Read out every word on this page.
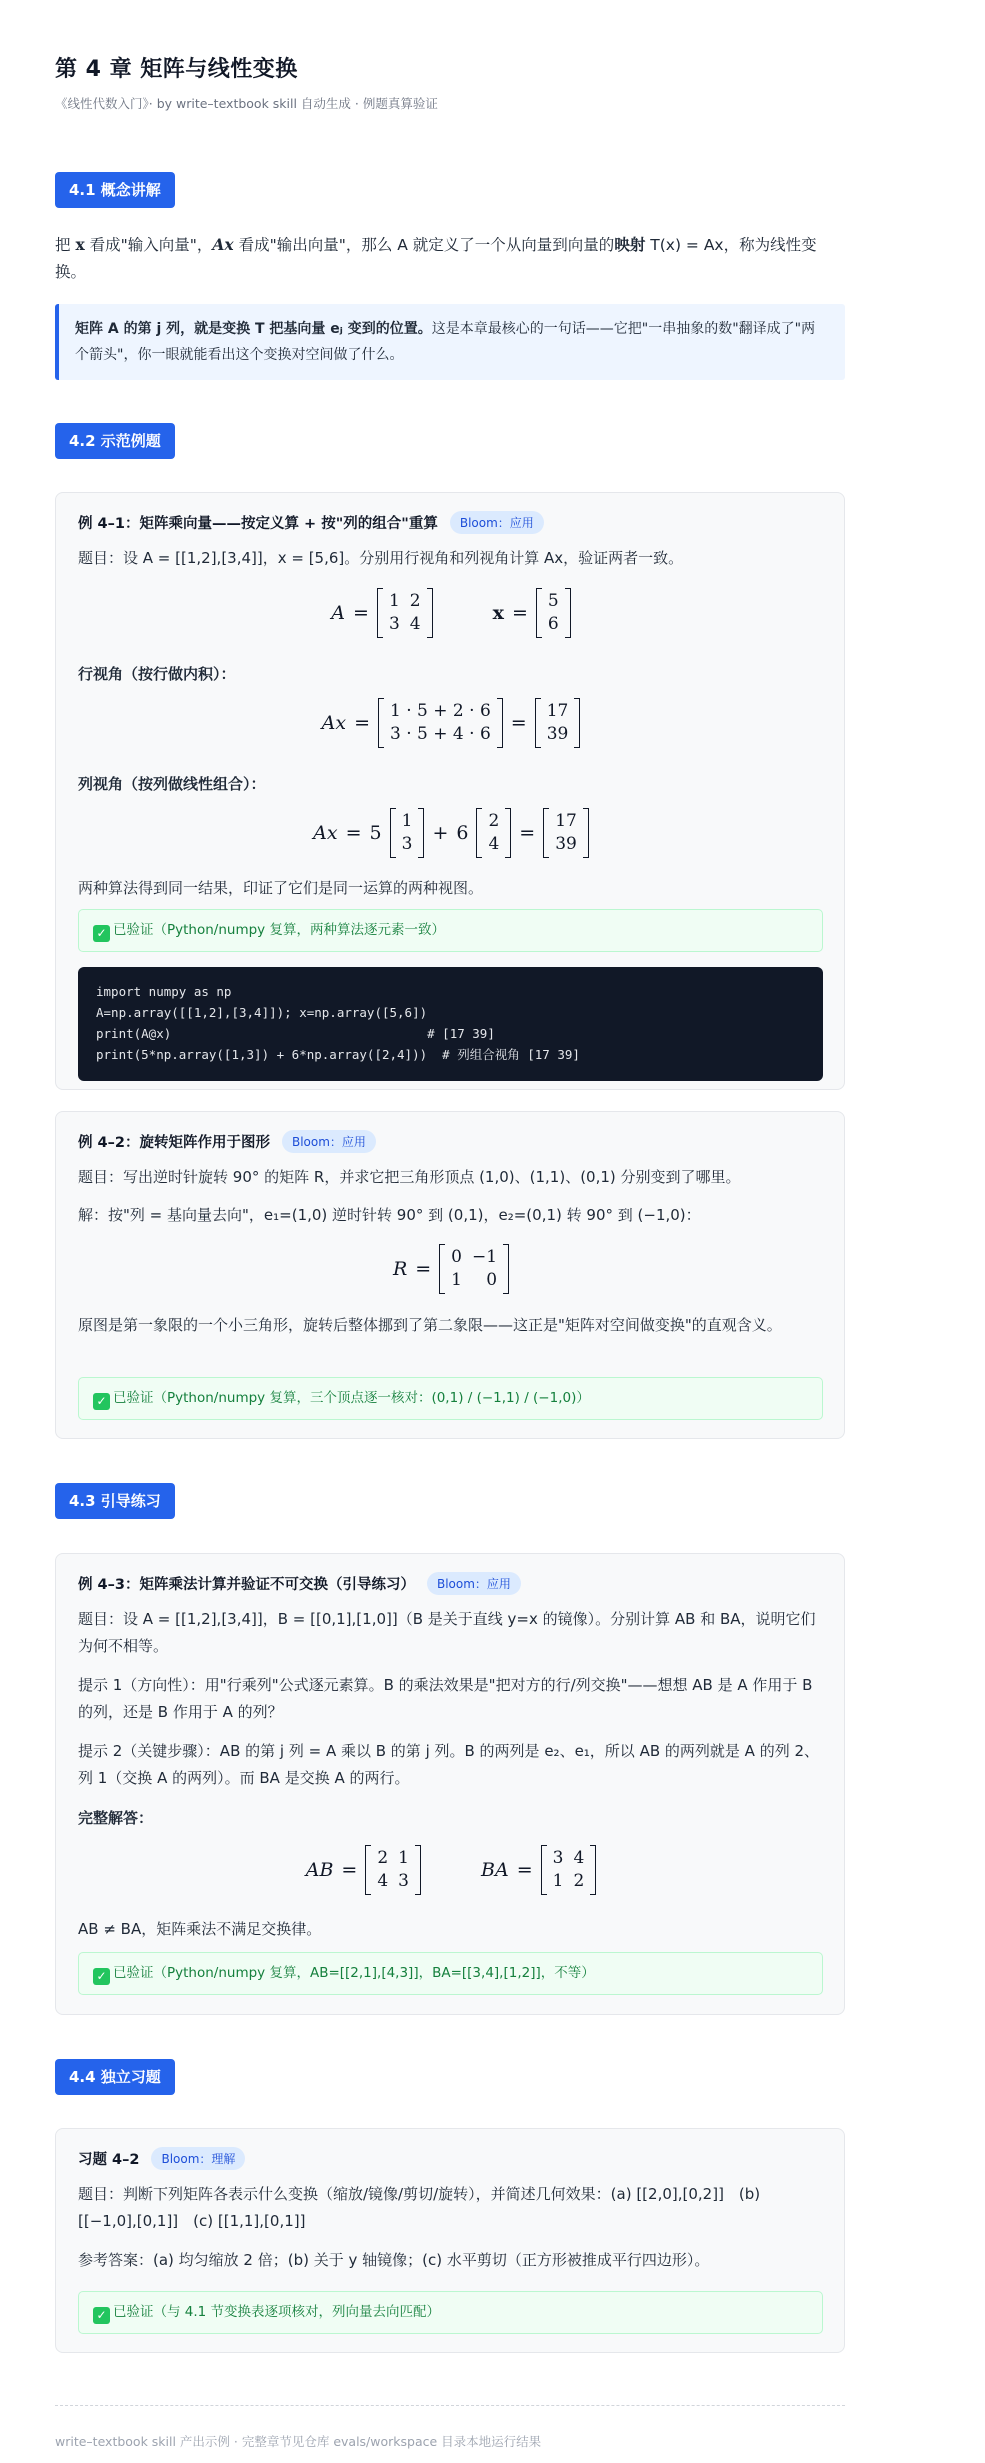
第 4 章 矩阵与线性变换
《线性代数入门》· by write–textbook skill 自动生成 · 例题真算验证
4.1 概念讲解
把 x 看成"输入向量"，Ax 看成"输出向量"，那么 A 就定义了一个从向量到向量的映射 T(x) = Ax，称为线性变换。
矩阵 A 的第 j 列，就是变换 T 把基向量 eⱼ 变到的位置。这是本章最核心的一句话——它把"一串抽象的数"翻译成了"两个箭头"，你一眼就能看出这个变换对空间做了什么。
4.2 示范例题
例 4–1：矩阵乘向量——按定义算 + 按"列的组合"重算	Bloom：应用
题目：设 A = [[1,2],[3,4]]，x = [5,6]。分别用行视角和列视角计算 Ax，验证两者一致。
A =
1	2
3	4	x =
5
6
行视角（按行做内积）：
Ax =
1 · 5 + 2 · 6
3 · 5 + 4 · 6 =
17
39
列视角（按列做线性组合）：
Ax = 5
1
3 + 6
2
4 =
17
39
两种算法得到同一结果，印证了它们是同一运算的两种视图。
✓ 已验证（Python/numpy 复算，两种算法逐元素一致）
import numpy as np
A=np.array([[1,2],[3,4]]); x=np.array([5,6])
print(A@x)                                  # [17 39]
print(5*np.array([1,3]) + 6*np.array([2,4]))  # 列组合视角 [17 39]
例 4–2：旋转矩阵作用于图形	Bloom：应用
题目：写出逆时针旋转 90° 的矩阵 R，并求它把三角形顶点 (1,0)、(1,1)、(0,1) 分别变到了哪里。
解：按"列 = 基向量去向"，e₁=(1,0) 逆时针转 90° 到 (0,1)，e₂=(0,1) 转 90° 到 (−1,0)：
R =
0	−1
1	0
原图是第一象限的一个小三角形，旋转后整体挪到了第二象限——这正是"矩阵对空间做变换"的直观含义。
✓ 已验证（Python/numpy 复算，三个顶点逐一核对：(0,1) / (−1,1) / (−1,0)）
4.3 引导练习
例 4–3：矩阵乘法计算并验证不可交换（引导练习）	Bloom：应用
题目：设 A = [[1,2],[3,4]]，B = [[0,1],[1,0]]（B 是关于直线 y=x 的镜像）。分别计算 AB 和 BA，说明它们为何不相等。
提示 1（方向性）：用"行乘列"公式逐元素算。B 的乘法效果是"把对方的行/列交换"——想想 AB 是 A 作用于 B 的列，还是 B 作用于 A 的列？
提示 2（关键步骤）：AB 的第 j 列 = A 乘以 B 的第 j 列。B 的两列是 e₂、e₁，所以 AB 的两列就是 A 的列 2、列 1（交换 A 的两列）。而 BA 是交换 A 的两行。
完整解答：
AB =
2	1
4	3	BA =
3	4
1	2
AB ≠ BA，矩阵乘法不满足交换律。
✓ 已验证（Python/numpy 复算，AB=[[2,1],[4,3]]，BA=[[3,4],[1,2]]，不等）
4.4 独立习题
习题 4–2	Bloom：理解
题目：判断下列矩阵各表示什么变换（缩放/镜像/剪切/旋转），并简述几何效果：(a) [[2,0],[0,2]]　(b) [[−1,0],[0,1]]　(c) [[1,1],[0,1]]
参考答案：(a) 均匀缩放 2 倍；(b) 关于 y 轴镜像；(c) 水平剪切（正方形被推成平行四边形）。
✓ 已验证（与 4.1 节变换表逐项核对，列向量去向匹配）
write–textbook skill 产出示例 · 完整章节见仓库 evals/workspace 目录本地运行结果
